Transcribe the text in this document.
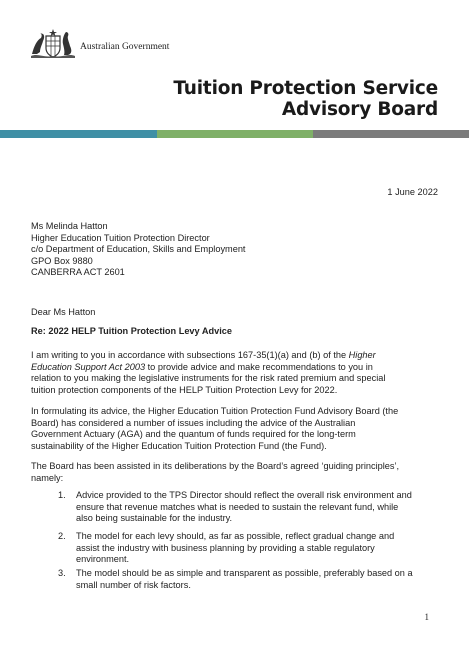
Australian Government
Tuition Protection Service
Advisory Board
1 June 2022
Ms Melinda Hatton
Higher Education Tuition Protection Director
c/o Department of Education, Skills and Employment
GPO Box 9880
CANBERRA ACT 2601
Dear Ms Hatton
Re: 2022 HELP Tuition Protection Levy Advice
I am writing to you in accordance with subsections 167-35(1)(a) and (b) of the Higher
Education Support Act 2003 to provide advice and make recommendations to you in
relation to you making the legislative instruments for the risk rated premium and special
tuition protection components of the HELP Tuition Protection Levy for 2022.
In formulating its advice, the Higher Education Tuition Protection Fund Advisory Board (the
Board) has considered a number of issues including the advice of the Australian
Government Actuary (AGA) and the quantum of funds required for the long-term
sustainability of the Higher Education Tuition Protection Fund (the Fund).
The Board has been assisted in its deliberations by the Board’s agreed ‘guiding principles’,
namely:
1. Advice provided to the TPS Director should reflect the overall risk environment and
ensure that revenue matches what is needed to sustain the relevant fund, while
also being sustainable for the industry.
2. The model for each levy should, as far as possible, reflect gradual change and
assist the industry with business planning by providing a stable regulatory
environment.
3. The model should be as simple and transparent as possible, preferably based on a
small number of risk factors.
1
